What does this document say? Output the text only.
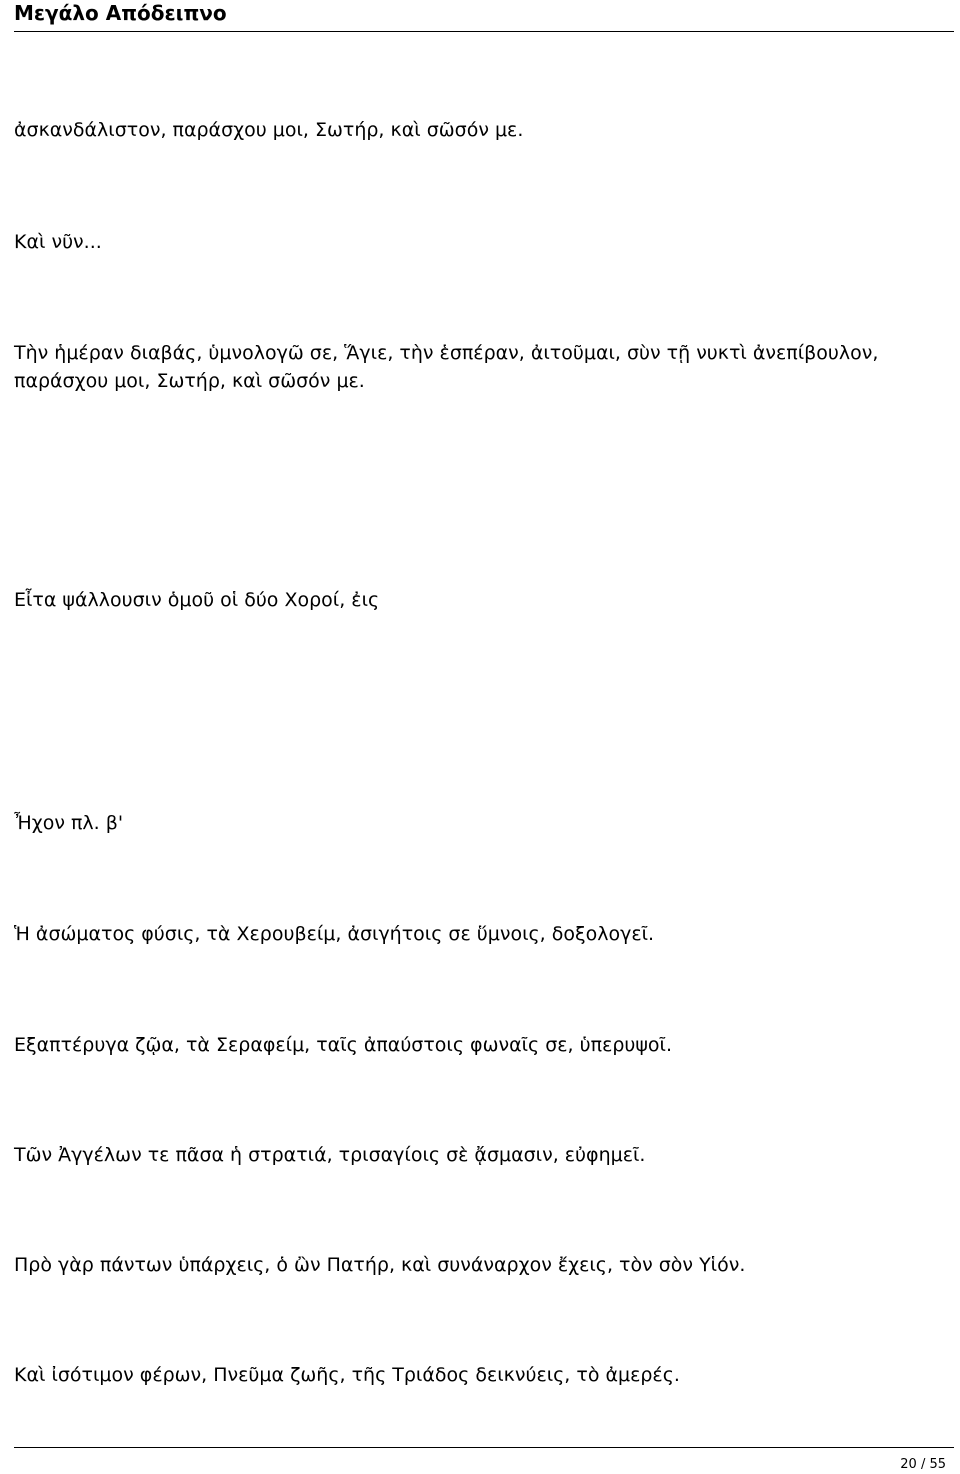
Μεγάλο Απόδειπνο

ἀσκανδάλιστον, παράσχου μοι, Σωτήρ, καὶ σῶσόν με.

Καὶ νῦν...

Τὴν ἡμέραν διαβάς, ὑμνολογῶ σε, Ἅγιε, τὴν ἑσπέραν, ἀιτοῦμαι, σὺν τῇ νυκτὶ ἀνεπίβουλον, παράσχου μοι, Σωτήρ, καὶ σῶσόν με.

Εἶτα ψάλλουσιν ὁμοῦ οἱ δύο Χοροί, ἐις

Ἦχον πλ. β'

Ἡ ἀσώματος φύσις, τὰ Χερουβείμ, ἀσιγήτοις σε ὕμνοις, δοξολογεῖ.

Εξαπτέρυγα ζῷα, τὰ Σεραφείμ, ταῖς ἀπαύστοις φωναῖς σε, ὑπερυψοῖ.

Τῶν Ἀγγέλων τε πᾶσα ἡ στρατιά, τρισαγίοις σὲ ᾄσμασιν, εὐφημεῖ.

Πρὸ γὰρ πάντων ὑπάρχεις, ὁ ὢν Πατήρ, καὶ συνάναρχον ἔχεις, τὸν σὸν Υἱόν.

Καὶ ἰσότιμον φέρων, Πνεῦμα ζωῆς, τῆς Τριάδος δεικνύεις, τὸ ἀμερές.

20 / 55
